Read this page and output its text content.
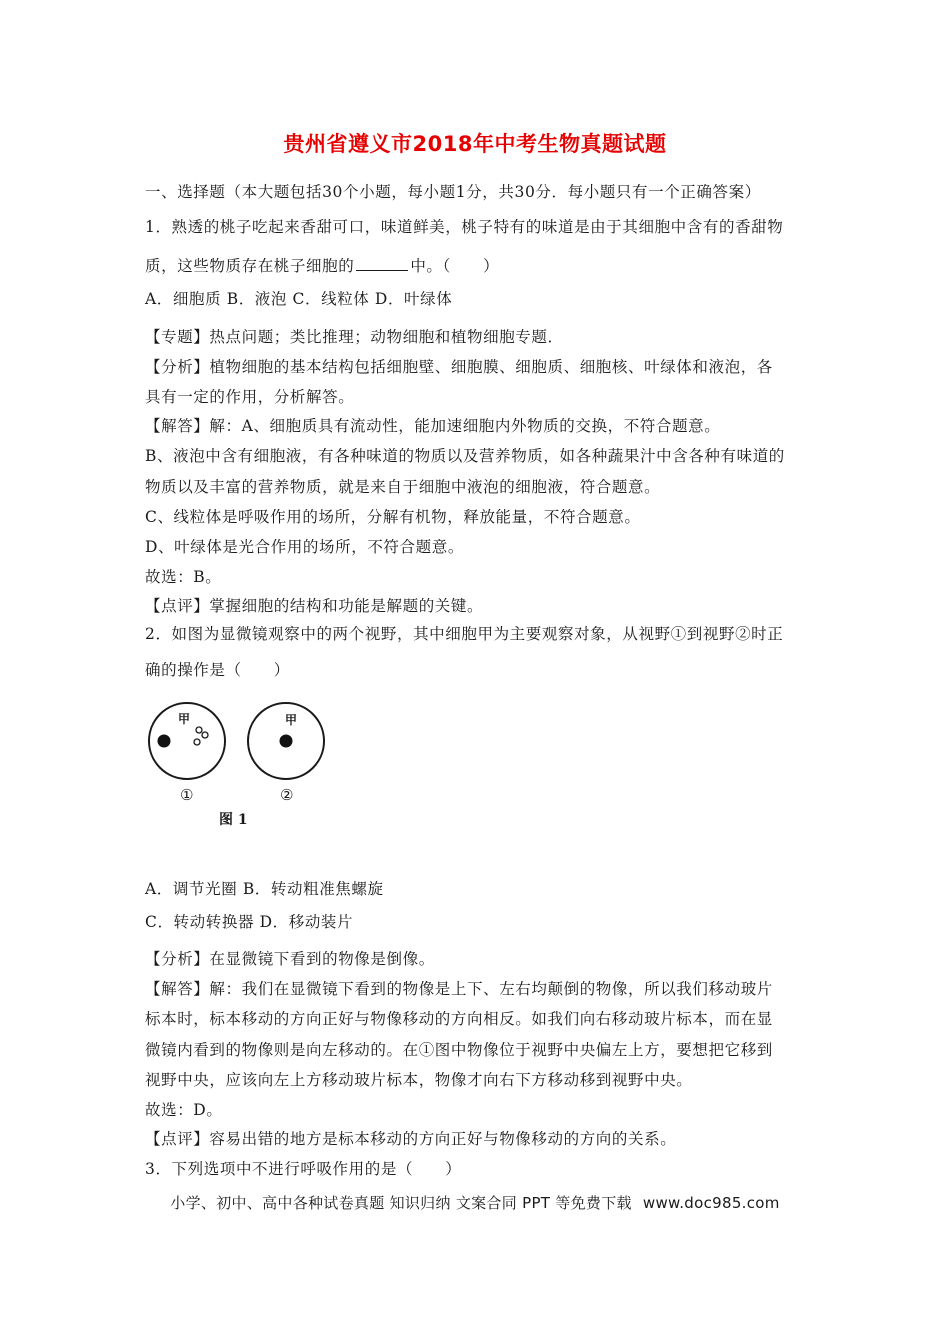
贵州省遵义市2018年中考生物真题试题
一、选择题（本大题包括30个小题，每小题1分，共30分．每小题只有一个正确答案）
1．熟透的桃子吃起来香甜可口，味道鲜美，桃子特有的味道是由于其细胞中含有的香甜物
质，这些物质存在桃子细胞的	中。（　　）
A．细胞质 B．液泡 C．线粒体 D．叶绿体
【专题】热点问题；类比推理；动物细胞和植物细胞专题．
【分析】植物细胞的基本结构包括细胞壁、细胞膜、细胞质、细胞核、叶绿体和液泡，各
具有一定的作用，分析解答。
【解答】解：A、细胞质具有流动性，能加速细胞内外物质的交换，不符合题意。
B、液泡中含有细胞液，有各种味道的物质以及营养物质，如各种蔬果汁中含各种有味道的
物质以及丰富的营养物质，就是来自于细胞中液泡的细胞液，符合题意。
C、线粒体是呼吸作用的场所，分解有机物，释放能量，不符合题意。
D、叶绿体是光合作用的场所，不符合题意。
故选：B。
【点评】掌握细胞的结构和功能是解题的关键。
2．如图为显微镜观察中的两个视野，其中细胞甲为主要观察对象，从视野①到视野②时正
确的操作是（　　）
甲	甲
①	②
图 1
A．调节光圈 B．转动粗准焦螺旋
C．转动转换器 D．移动装片
【分析】在显微镜下看到的物像是倒像。
【解答】解：我们在显微镜下看到的物像是上下、左右均颠倒的物像，所以我们移动玻片
标本时，标本移动的方向正好与物像移动的方向相反。如我们向右移动玻片标本，而在显
微镜内看到的物像则是向左移动的。在①图中物像位于视野中央偏左上方，要想把它移到
视野中央，应该向左上方移动玻片标本，物像才向右下方移动移到视野中央。
故选：D。
【点评】容易出错的地方是标本移动的方向正好与物像移动的方向的关系。
3．下列选项中不进行呼吸作用的是（　　）
小学、初中、高中各种试卷真题 知识归纳 文案合同 PPT 等免费下载 www.doc985.com
